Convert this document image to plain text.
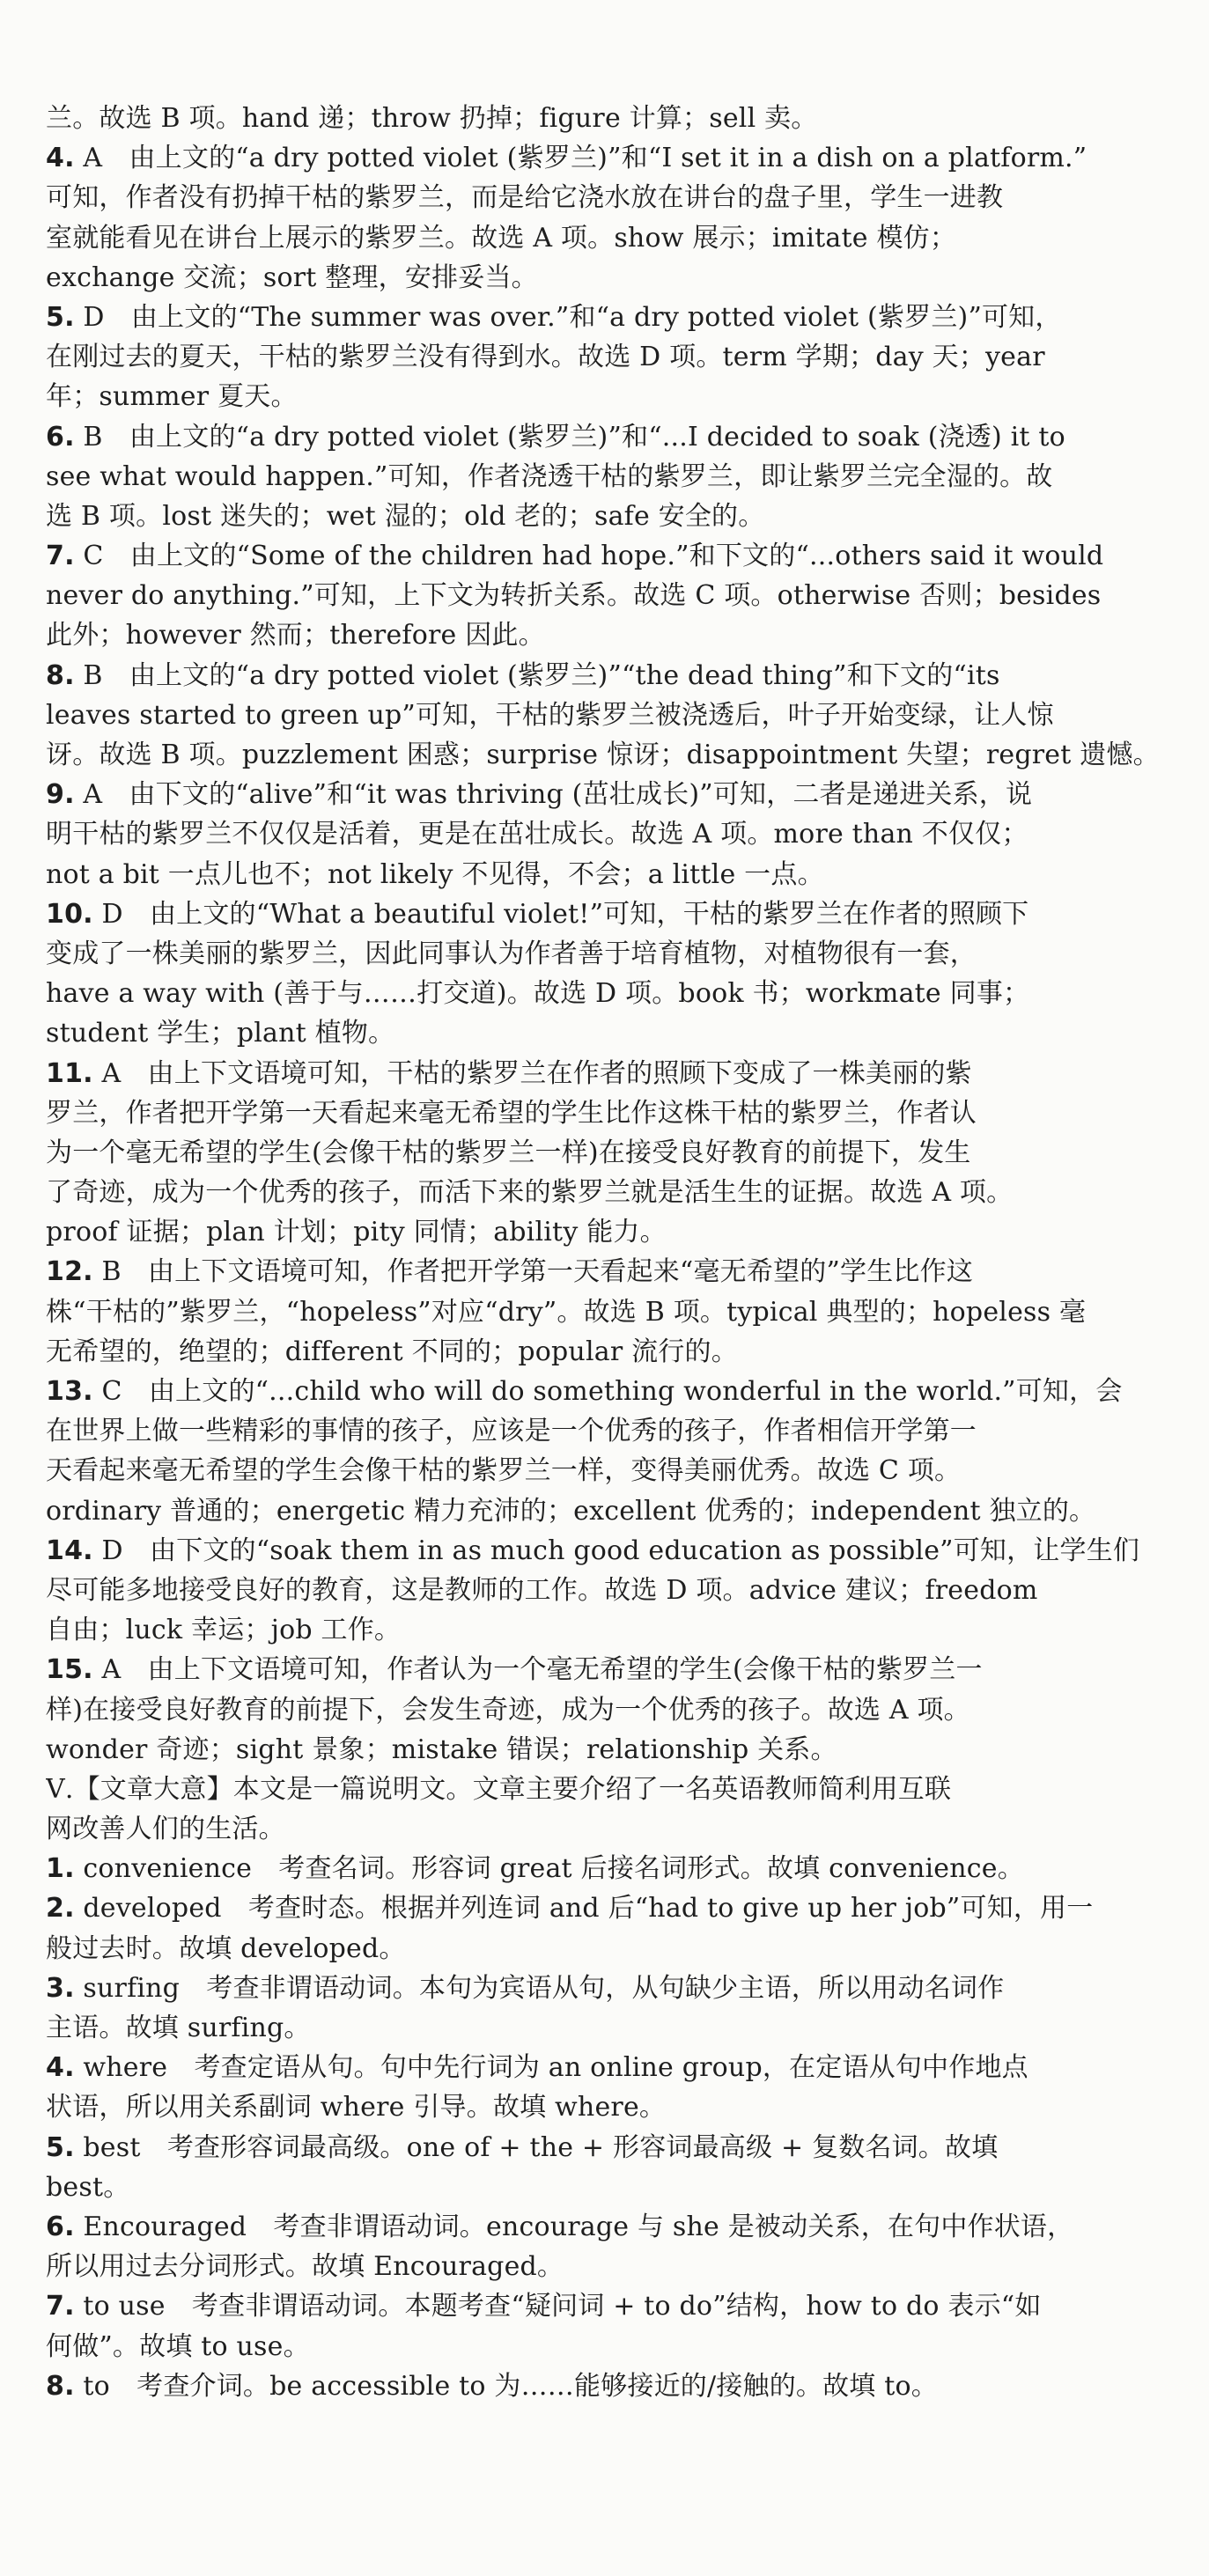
兰。故选 B 项。hand 递；throw 扔掉；figure 计算；sell 卖。
4. A　由上文的“a dry potted violet (紫罗兰)”和“I set it in a dish on a platform.”
可知，作者没有扔掉干枯的紫罗兰，而是给它浇水放在讲台的盘子里，学生一进教
室就能看见在讲台上展示的紫罗兰。故选 A 项。show 展示；imitate 模仿；
exchange 交流；sort 整理，安排妥当。
5. D　由上文的“The summer was over.”和“a dry potted violet (紫罗兰)”可知，
在刚过去的夏天，干枯的紫罗兰没有得到水。故选 D 项。term 学期；day 天；year
年；summer 夏天。
6. B　由上文的“a dry potted violet (紫罗兰)”和“...I decided to soak (浇透) it to
see what would happen.”可知，作者浇透干枯的紫罗兰，即让紫罗兰完全湿的。故
选 B 项。lost 迷失的；wet 湿的；old 老的；safe 安全的。
7. C　由上文的“Some of the children had hope.”和下文的“...others said it would
never do anything.”可知，上下文为转折关系。故选 C 项。otherwise 否则；besides
此外；however 然而；therefore 因此。
8. B　由上文的“a dry potted violet (紫罗兰)”“the dead thing”和下文的“its
leaves started to green up”可知，干枯的紫罗兰被浇透后，叶子开始变绿，让人惊
讶。故选 B 项。puzzlement 困惑；surprise 惊讶；disappointment 失望；regret 遗憾。
9. A　由下文的“alive”和“it was thriving (茁壮成长)”可知，二者是递进关系，说
明干枯的紫罗兰不仅仅是活着，更是在茁壮成长。故选 A 项。more than 不仅仅；
not a bit 一点儿也不；not likely 不见得，不会；a little 一点。
10. D　由上文的“What a beautiful violet!”可知，干枯的紫罗兰在作者的照顾下
变成了一株美丽的紫罗兰，因此同事认为作者善于培育植物，对植物很有一套，
have a way with (善于与……打交道)。故选 D 项。book 书；workmate 同事；
student 学生；plant 植物。
11. A　由上下文语境可知，干枯的紫罗兰在作者的照顾下变成了一株美丽的紫
罗兰，作者把开学第一天看起来毫无希望的学生比作这株干枯的紫罗兰，作者认
为一个毫无希望的学生(会像干枯的紫罗兰一样)在接受良好教育的前提下，发生
了奇迹，成为一个优秀的孩子，而活下来的紫罗兰就是活生生的证据。故选 A 项。
proof 证据；plan 计划；pity 同情；ability 能力。
12. B　由上下文语境可知，作者把开学第一天看起来“毫无希望的”学生比作这
株“干枯的”紫罗兰，“hopeless”对应“dry”。故选 B 项。typical 典型的；hopeless 毫
无希望的，绝望的；different 不同的；popular 流行的。
13. C　由上文的“...child who will do something wonderful in the world.”可知，会
在世界上做一些精彩的事情的孩子，应该是一个优秀的孩子，作者相信开学第一
天看起来毫无希望的学生会像干枯的紫罗兰一样，变得美丽优秀。故选 C 项。
ordinary 普通的；energetic 精力充沛的；excellent 优秀的；independent 独立的。
14. D　由下文的“soak them in as much good education as possible”可知，让学生们
尽可能多地接受良好的教育，这是教师的工作。故选 D 项。advice 建议；freedom
自由；luck 幸运；job 工作。
15. A　由上下文语境可知，作者认为一个毫无希望的学生(会像干枯的紫罗兰一
样)在接受良好教育的前提下，会发生奇迹，成为一个优秀的孩子。故选 A 项。
wonder 奇迹；sight 景象；mistake 错误；relationship 关系。
Ⅴ.【文章大意】本文是一篇说明文。文章主要介绍了一名英语教师简利用互联
网改善人们的生活。
1. convenience　考查名词。形容词 great 后接名词形式。故填 convenience。
2. developed　考查时态。根据并列连词 and 后“had to give up her job”可知，用一
般过去时。故填 developed。
3. surfing　考查非谓语动词。本句为宾语从句，从句缺少主语，所以用动名词作
主语。故填 surfing。
4. where　考查定语从句。句中先行词为 an online group，在定语从句中作地点
状语，所以用关系副词 where 引导。故填 where。
5. best　考查形容词最高级。one of + the + 形容词最高级 + 复数名词。故填
best。
6. Encouraged　考查非谓语动词。encourage 与 she 是被动关系，在句中作状语，
所以用过去分词形式。故填 Encouraged。
7. to use　考查非谓语动词。本题考查“疑问词 + to do”结构，how to do 表示“如
何做”。故填 to use。
8. to　考查介词。be accessible to 为……能够接近的/接触的。故填 to。
